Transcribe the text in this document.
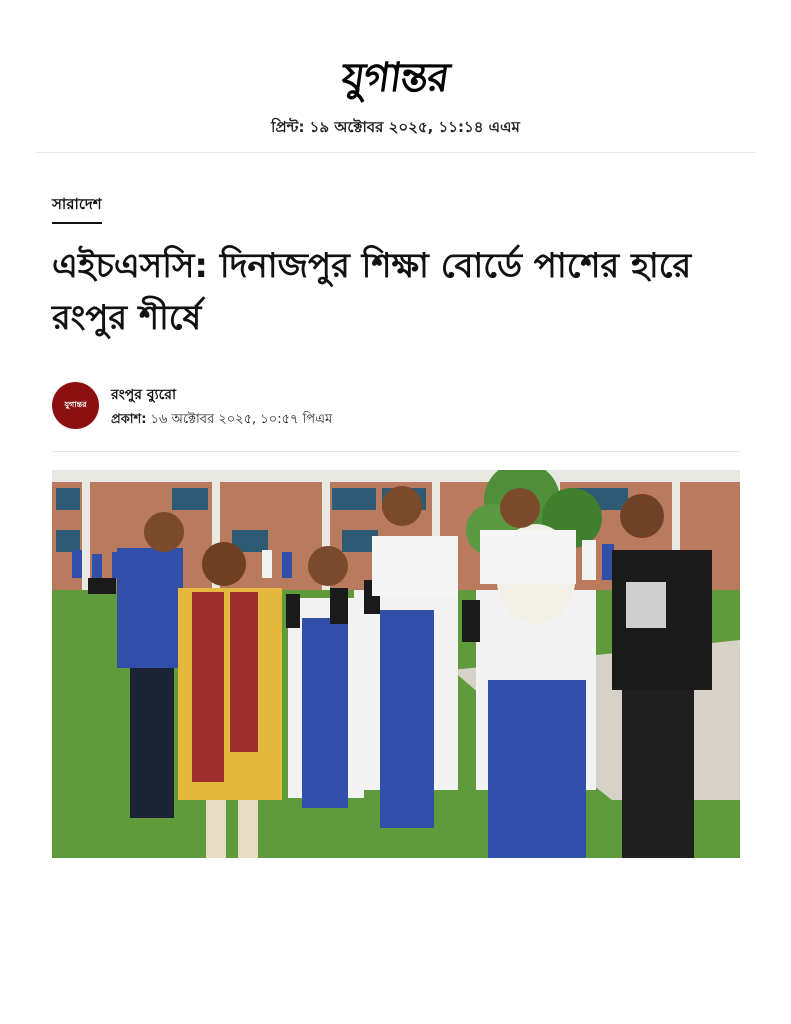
যুগান্তর
প্রিন্ট: ১৯ অক্টোবর ২০২৫, ১১:১৪ এএম
সারাদেশ
এইচএসসি: দিনাজপুর শিক্ষা বোর্ডে পাশের হারে রংপুর শীর্ষে
যুগান্তর
রংপুর ব্যুরো
প্রকাশ: ১৬ অক্টোবর ২০২৫, ১০:৫৭ পিএম
